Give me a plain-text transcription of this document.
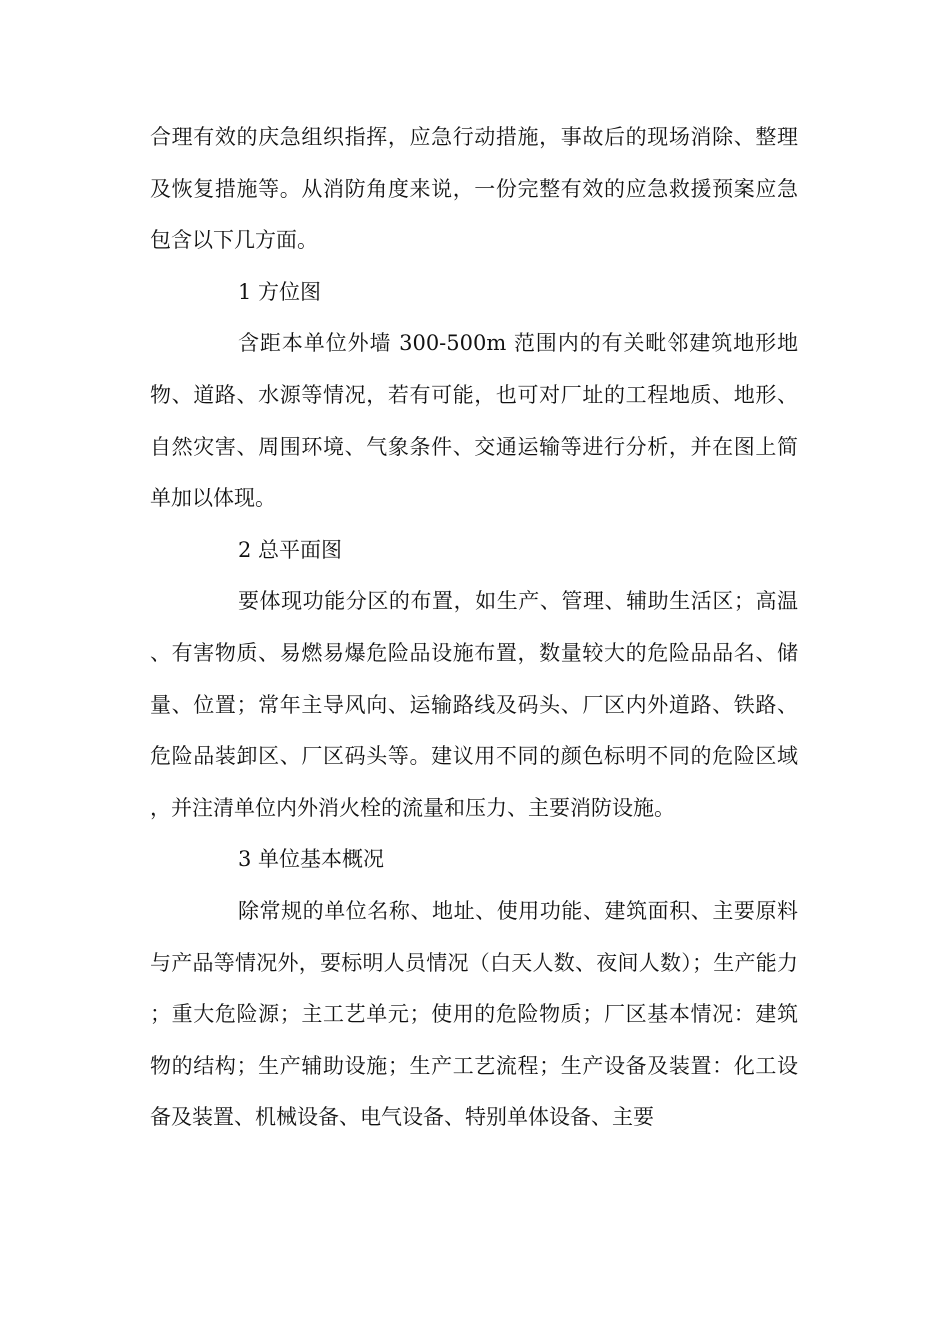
合理有效的庆急组织指挥，应急行动措施，事故后的现场消除、整理及恢复措施等。从消防角度来说，一份完整有效的应急救援预案应急包含以下几方面。

1 方位图

含距本单位外墙 300-500m 范围内的有关毗邻建筑地形地物、道路、水源等情况，若有可能，也可对厂址的工程地质、地形、自然灾害、周围环境、气象条件、交通运输等进行分析，并在图上简单加以体现。

2 总平面图

要体现功能分区的布置，如生产、管理、辅助生活区；高温、有害物质、易燃易爆危险品设施布置，数量较大的危险品品名、储量、位置；常年主导风向、运输路线及码头、厂区内外道路、铁路、危险品装卸区、厂区码头等。建议用不同的颜色标明不同的危险区域，并注清单位内外消火栓的流量和压力、主要消防设施。

3 单位基本概况

除常规的单位名称、地址、使用功能、建筑面积、主要原料与产品等情况外，要标明人员情况（白天人数、夜间人数）；生产能力；重大危险源；主工艺单元；使用的危险物质；厂区基本情况：建筑物的结构；生产辅助设施；生产工艺流程；生产设备及装置：化工设备及装置、机械设备、电气设备、特别单体设备、主要
